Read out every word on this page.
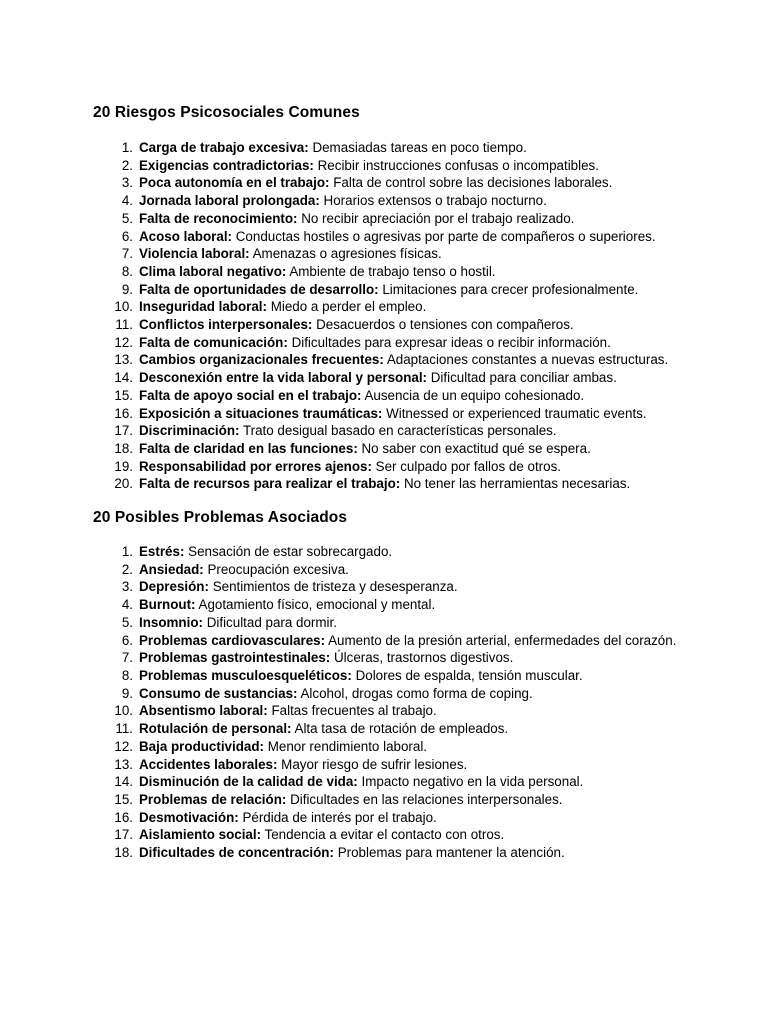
20 Riesgos Psicosociales Comunes
1. Carga de trabajo excesiva: Demasiadas tareas en poco tiempo.
2. Exigencias contradictorias: Recibir instrucciones confusas o incompatibles.
3. Poca autonomía en el trabajo: Falta de control sobre las decisiones laborales.
4. Jornada laboral prolongada: Horarios extensos o trabajo nocturno.
5. Falta de reconocimiento: No recibir apreciación por el trabajo realizado.
6. Acoso laboral: Conductas hostiles o agresivas por parte de compañeros o superiores.
7. Violencia laboral: Amenazas o agresiones físicas.
8. Clima laboral negativo: Ambiente de trabajo tenso o hostil.
9. Falta de oportunidades de desarrollo: Limitaciones para crecer profesionalmente.
10. Inseguridad laboral: Miedo a perder el empleo.
11. Conflictos interpersonales: Desacuerdos o tensiones con compañeros.
12. Falta de comunicación: Dificultades para expresar ideas o recibir información.
13. Cambios organizacionales frecuentes: Adaptaciones constantes a nuevas estructuras.
14. Desconexión entre la vida laboral y personal: Dificultad para conciliar ambas.
15. Falta de apoyo social en el trabajo: Ausencia de un equipo cohesionado.
16. Exposición a situaciones traumáticas: Witnessed or experienced traumatic events.
17. Discriminación: Trato desigual basado en características personales.
18. Falta de claridad en las funciones: No saber con exactitud qué se espera.
19. Responsabilidad por errores ajenos: Ser culpado por fallos de otros.
20. Falta de recursos para realizar el trabajo: No tener las herramientas necesarias.
20 Posibles Problemas Asociados
1. Estrés: Sensación de estar sobrecargado.
2. Ansiedad: Preocupación excesiva.
3. Depresión: Sentimientos de tristeza y desesperanza.
4. Burnout: Agotamiento físico, emocional y mental.
5. Insomnio: Dificultad para dormir.
6. Problemas cardiovasculares: Aumento de la presión arterial, enfermedades del corazón.
7. Problemas gastrointestinales: Úlceras, trastornos digestivos.
8. Problemas musculoesqueléticos: Dolores de espalda, tensión muscular.
9. Consumo de sustancias: Alcohol, drogas como forma de coping.
10. Absentismo laboral: Faltas frecuentes al trabajo.
11. Rotulación de personal: Alta tasa de rotación de empleados.
12. Baja productividad: Menor rendimiento laboral.
13. Accidentes laborales: Mayor riesgo de sufrir lesiones.
14. Disminución de la calidad de vida: Impacto negativo en la vida personal.
15. Problemas de relación: Dificultades en las relaciones interpersonales.
16. Desmotivación: Pérdida de interés por el trabajo.
17. Aislamiento social: Tendencia a evitar el contacto con otros.
18. Dificultades de concentración: Problemas para mantener la atención.
